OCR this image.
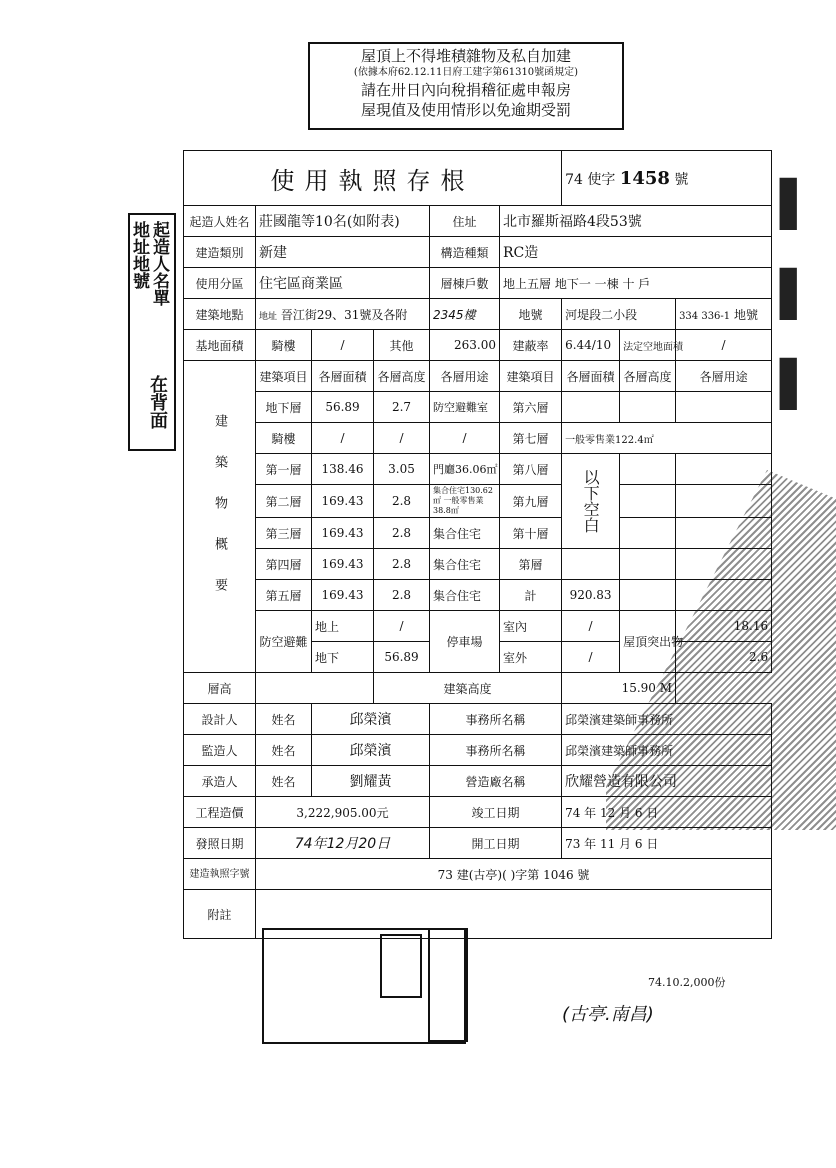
屋頂上不得堆積雜物及私自加建
(依據本府62.12.11日府工建字第61310號函規定)
請在卅日內向稅捐稽征處申報房
屋現值及使用情形以免逾期受罰
起造人名單
地址地號
在背面
▌
▌
▌
使用執照存根						74 使字 1458 號		
起造人姓名	莊國龍等10名(如附表)			住址	北市羅斯福路4段53號			
建造類別	新建			構造種類	RC造			
使用分區	住宅區商業區			層棟戶數	地上五層 地下一 一棟 十 戶			
建築地點	地址 晉江街29、31號及各附			2345樓	地號	河堤段二小段		334 336-1 地號
基地面積	騎樓	/	其他	263.00	建蔽率	6.44/10	法定空地面積	/
建築物概要	建築項目	各層面積	各層高度	各層用途	建築項目	各層面積	各層高度	各層用途
	地下層	56.89	2.7	防空避難室	第六層			
	騎樓	/	/	/	第七層	一般零售業122.4㎡		
	第一層	138.46	3.05	門廳36.06㎡	第八層	以下空白		
	第二層	169.43	2.8	集合住宅130.62㎡ 一般零售業38.8㎡	第九層			
	第三層	169.43	2.8	集合住宅	第十層			
	第四層	169.43	2.8	集合住宅	第層			
	第五層	169.43	2.8	集合住宅	計	920.83		
	防空避難	地上	/	停車場	室內	/	屋頂突出物	18.16
		地下	56.89		室外	/		2.6
層高			建築高度			15.90 M		
設計人	姓名	邱榮濱		事務所名稱		邱榮濱建築師事務所		
監造人	姓名	邱榮濱		事務所名稱		邱榮濱建築師事務所		
承造人	姓名	劉耀黃		營造廠名稱		欣耀營造有限公司		
工程造價	3,222,905.00元			竣工日期		74 年 12 月 6 日		
發照日期	74年12月20日			開工日期		73 年 11 月 6 日		
建造執照字號	73 建(古亭)( )字第 1046 號							
附註								
74.10.2,000份
(古亭.南昌)
